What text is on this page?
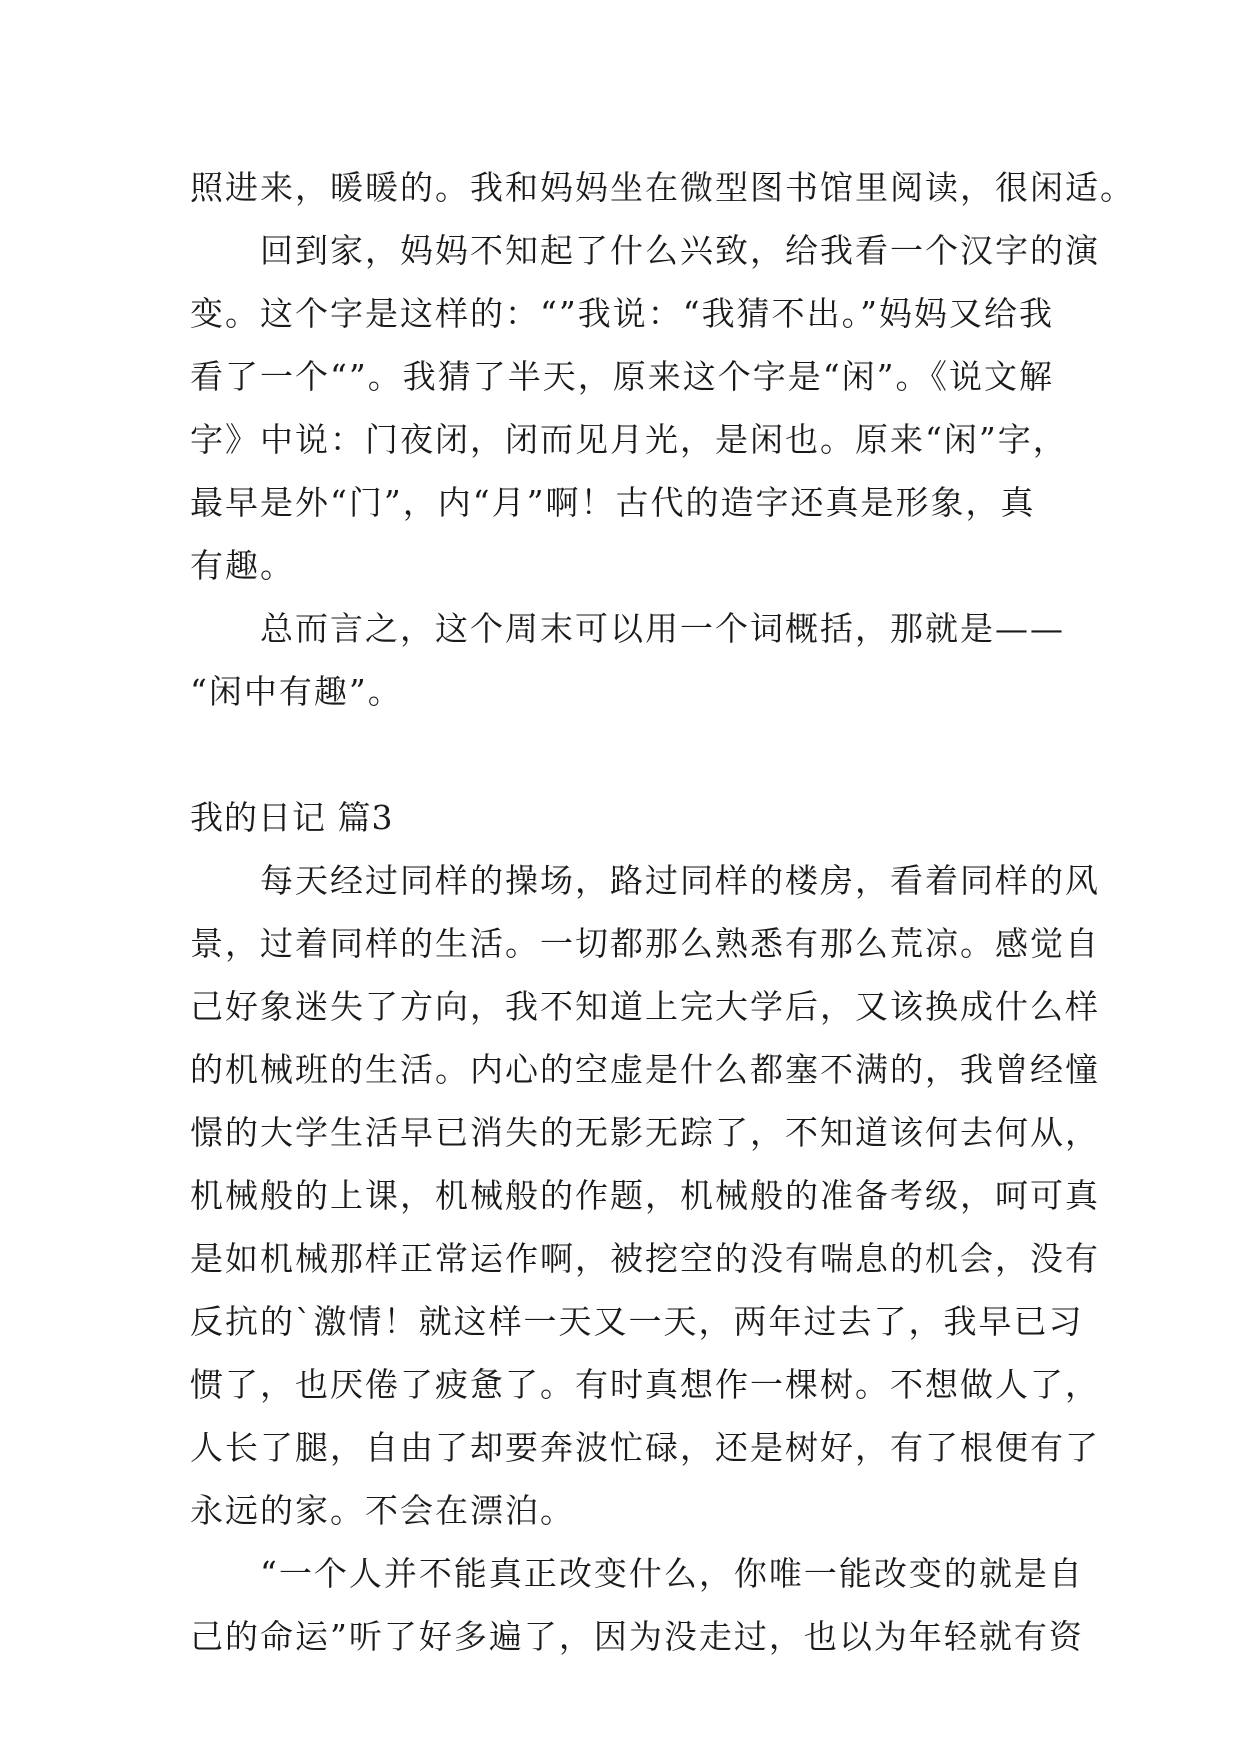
照进来，暖暖的。我和妈妈坐在微型图书馆里阅读，很闲适。
回到家，妈妈不知起了什么兴致，给我看一个汉字的演
变。这个字是这样的：“”我说：“我猜不出。”妈妈又给我
看了一个“”。我猜了半天，原来这个字是“闲”。《说文解
字》中说：门夜闭，闭而见月光，是闲也。原来“闲”字，
最早是外“门”，内“月”啊！古代的造字还真是形象，真
有趣。
总而言之，这个周末可以用一个词概括，那就是——
“闲中有趣”。
我的日记 篇3
每天经过同样的操场，路过同样的楼房，看着同样的风
景，过着同样的生活。一切都那么熟悉有那么荒凉。感觉自
己好象迷失了方向，我不知道上完大学后，又该换成什么样
的机械班的生活。内心的空虚是什么都塞不满的，我曾经憧
憬的大学生活早已消失的无影无踪了，不知道该何去何从，
机械般的上课，机械般的作题，机械般的准备考级，呵可真
是如机械那样正常运作啊，被挖空的没有喘息的机会，没有
反抗的`激情！就这样一天又一天，两年过去了，我早已习
惯了，也厌倦了疲惫了。有时真想作一棵树。不想做人了，
人长了腿，自由了却要奔波忙碌，还是树好，有了根便有了
永远的家。不会在漂泊。
“一个人并不能真正改变什么，你唯一能改变的就是自
己的命运”听了好多遍了，因为没走过，也以为年轻就有资
